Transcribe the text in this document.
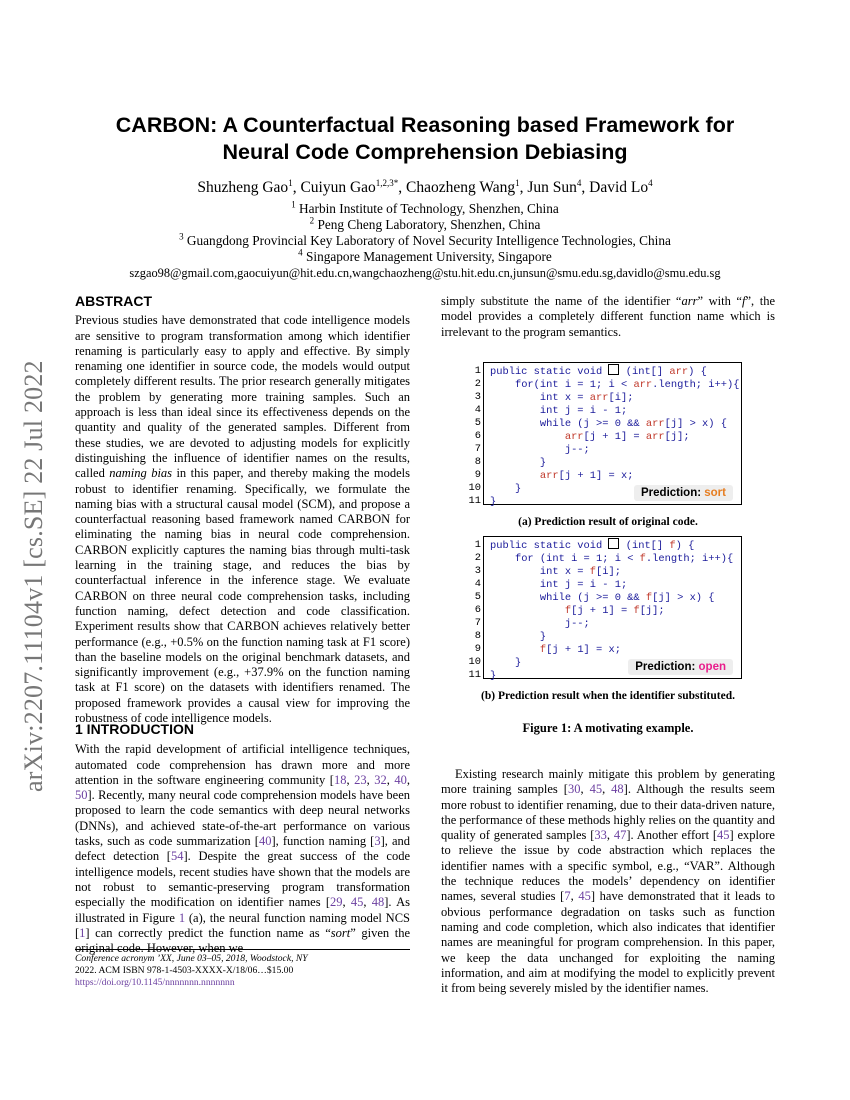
arXiv:2207.11104v1 [cs.SE] 22 Jul 2022
CARBON: A Counterfactual Reasoning based Framework for
Neural Code Comprehension Debiasing
Shuzheng Gao$^1$, Cuiyun Gao$^{1,2,3*}$, Chaozheng Wang$^1$, Jun Sun$^4$, David Lo$^4$
$^1$ Harbin Institute of Technology, Shenzhen, China
$^2$ Peng Cheng Laboratory, Shenzhen, China
$^3$ Guangdong Provincial Key Laboratory of Novel Security Intelligence Technologies, China
$^4$ Singapore Management University, Singapore
szgao98@gmail.com,gaocuiyun@hit.edu.cn,wangchaozheng@stu.hit.edu.cn,junsun@smu.edu.sg,davidlo@smu.edu.sg
ABSTRACT
Previous studies have demonstrated that code intelligence models are sensitive to program transformation among which identifier renaming is particularly easy to apply and effective. By simply renaming one identifier in source code, the models would output completely different results. The prior research generally mitigates the problem by generating more training samples. Such an approach is less than ideal since its effectiveness depends on the quantity and quality of the generated samples. Different from these studies, we are devoted to adjusting models for explicitly distinguishing the influence of identifier names on the results, called naming bias in this paper, and thereby making the models robust to identifier renaming. Specifically, we formulate the naming bias with a structural causal model (SCM), and propose a counterfactual reasoning based framework named CARBON for eliminating the naming bias in neural code comprehension. CARBON explicitly captures the naming bias through multi-task learning in the training stage, and reduces the bias by counterfactual inference in the inference stage. We evaluate CARBON on three neural code comprehension tasks, including function naming, defect detection and code classification. Experiment results show that CARBON achieves relatively better performance (e.g., +0.5% on the function naming task at F1 score) than the baseline models on the original benchmark datasets, and significantly improvement (e.g., +37.9% on the function naming task at F1 score) on the datasets with identifiers renamed. The proposed framework provides a causal view for improving the robustness of code intelligence models.
1 INTRODUCTION
With the rapid development of artificial intelligence techniques, automated code comprehension has drawn more and more attention in the software engineering community [18, 23, 32, 40, 50]. Recently, many neural code comprehension models have been proposed to learn the code semantics with deep neural networks (DNNs), and achieved state-of-the-art performance on various tasks, such as code summarization [40], function naming [3], and defect detection [54]. Despite the great success of the code intelligence models, recent studies have shown that the models are not robust to semantic-preserving program transformation especially the modification on identifier names [29, 45, 48]. As illustrated in Figure 1 (a), the neural function naming model NCS [1] can correctly predict the function name as “sort” given the original code. However, when we
Conference acronym ’XX, June 03–05, 2018, Woodstock, NY
2022. ACM ISBN 978-1-4503-XXXX-X/18/06…$15.00
https://doi.org/10.1145/nnnnnnn.nnnnnnn
simply substitute the name of the identifier “arr” with “f”, the model provides a completely different function name which is irrelevant to the program semantics.
1
2
3
4
5
6
7
8
9
10
11
public static void  (int[] arr) {
for(int i = 1; i < arr.length; i++){
int x = arr[i];
int j = i - 1;
while (j >= 0 && arr[j] > x) {
arr[j + 1] = arr[j];
j--;
}
arr[j + 1] = x;
}
}
Prediction: sort
(a) Prediction result of original code.
1
2
3
4
5
6
7
8
9
10
11
public static void  (int[] f) {
for (int i = 1; i < f.length; i++){
int x = f[i];
int j = i - 1;
while (j >= 0 && f[j] > x) {
f[j + 1] = f[j];
j--;
}
f[j + 1] = x;
}
}
Prediction: open
(b) Prediction result when the identifier substituted.
Figure 1: A motivating example.
Existing research mainly mitigate this problem by generating more training samples [30, 45, 48]. Although the results seem more robust to identifier renaming, due to their data-driven nature, the performance of these methods highly relies on the quantity and quality of generated samples [33, 47]. Another effort [45] explore to relieve the issue by code abstraction which replaces the identifier names with a specific symbol, e.g., “VAR”. Although the technique reduces the models’ dependency on identifier names, several studies [7, 45] have demonstrated that it leads to obvious performance degradation on tasks such as function naming and code completion, which also indicates that identifier names are meaningful for program comprehension. In this paper, we keep the data unchanged for exploiting the naming information, and aim at modifying the model to explicitly prevent it from being severely misled by the identifier names.
